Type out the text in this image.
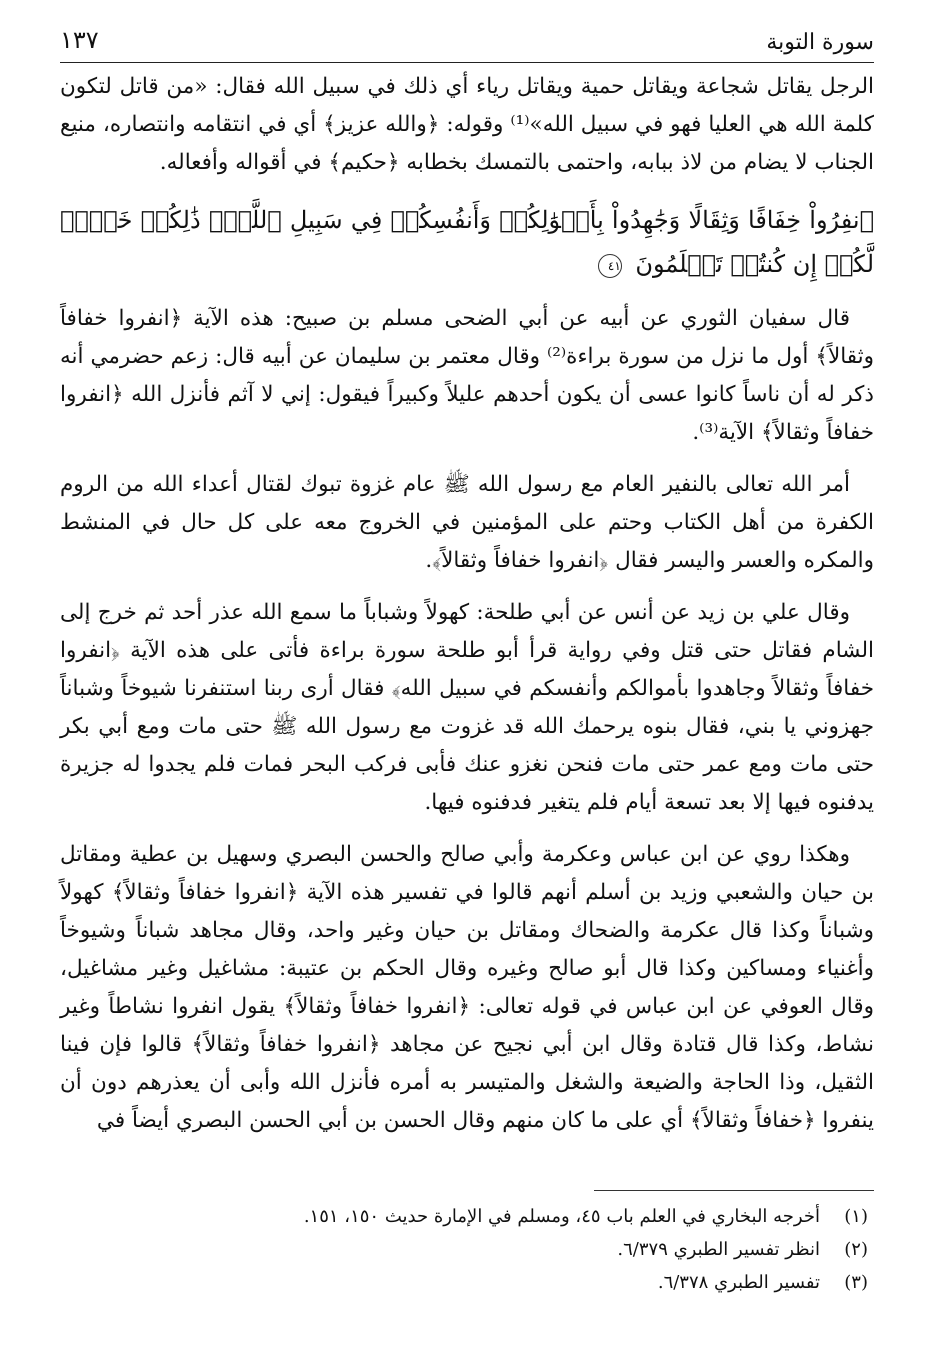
سورة التوبة
١٣٧

الرجل يقاتل شجاعة ويقاتل حمية ويقاتل رياء أي ذلك في سبيل الله فقال: «من قاتل لتكون كلمة الله هي العليا فهو في سبيل الله»⁽¹⁾ وقوله: ﴿والله عزيز﴾ أي في انتقامه وانتصاره، منيع الجناب لا يضام من لاذ ببابه، واحتمى بالتمسك بخطابه ﴿حكيم﴾ في أقواله وأفعاله.

ٱنفِرُواْ خِفَافًا وَثِقَالًا وَجَٰهِدُواْ بِأَمۡوَٰلِكُمۡ وَأَنفُسِكُمۡ فِي سَبِيلِ ٱللَّهِۚ ذَٰلِكُمۡ خَيۡرٞ لَّكُمۡ إِن كُنتُمۡ تَعۡلَمُونَ ٤١

قال سفيان الثوري عن أبيه عن أبي الضحى مسلم بن صبيح: هذه الآية ﴿انفروا خفافاً وثقالاً﴾ أول ما نزل من سورة براءة⁽²⁾ وقال معتمر بن سليمان عن أبيه قال: زعم حضرمي أنه ذكر له أن ناساً كانوا عسى أن يكون أحدهم عليلاً وكبيراً فيقول: إني لا آثم فأنزل الله ﴿انفروا خفافاً وثقالاً﴾ الآية⁽³⁾.

أمر الله تعالى بالنفير العام مع رسول الله ﷺ عام غزوة تبوك لقتال أعداء الله من الروم الكفرة من أهل الكتاب وحتم على المؤمنين في الخروج معه على كل حال في المنشط والمكره والعسر واليسر فقال ﴿انفروا خفافاً وثقالاً﴾.

وقال علي بن زيد عن أنس عن أبي طلحة: كهولاً وشباباً ما سمع الله عذر أحد ثم خرج إلى الشام فقاتل حتى قتل وفي رواية قرأ أبو طلحة سورة براءة فأتى على هذه الآية ﴿انفروا خفافاً وثقالاً وجاهدوا بأموالكم وأنفسكم في سبيل الله﴾ فقال أرى ربنا استنفرنا شيوخاً وشباناً جهزوني يا بني، فقال بنوه يرحمك الله قد غزوت مع رسول الله ﷺ حتى مات ومع أبي بكر حتى مات ومع عمر حتى مات فنحن نغزو عنك فأبى فركب البحر فمات فلم يجدوا له جزيرة يدفنوه فيها إلا بعد تسعة أيام فلم يتغير فدفنوه فيها.

وهكذا روي عن ابن عباس وعكرمة وأبي صالح والحسن البصري وسهيل بن عطية ومقاتل بن حيان والشعبي وزيد بن أسلم أنهم قالوا في تفسير هذه الآية ﴿انفروا خفافاً وثقالاً﴾ كهولاً وشباناً وكذا قال عكرمة والضحاك ومقاتل بن حيان وغير واحد، وقال مجاهد شباناً وشيوخاً وأغنياء ومساكين وكذا قال أبو صالح وغيره وقال الحكم بن عتيبة: مشاغيل وغير مشاغيل، وقال العوفي عن ابن عباس في قوله تعالى: ﴿انفروا خفافاً وثقالاً﴾ يقول انفروا نشاطاً وغير نشاط، وكذا قال قتادة وقال ابن أبي نجيح عن مجاهد ﴿انفروا خفافاً وثقالاً﴾ قالوا فإن فينا الثقيل، وذا الحاجة والضيعة والشغل والمتيسر به أمره فأنزل الله وأبى أن يعذرهم دون أن ينفروا ﴿خفافاً وثقالاً﴾ أي على ما كان منهم وقال الحسن بن أبي الحسن البصري أيضاً في

(١)
أخرجه البخاري في العلم باب ٤٥، ومسلم في الإمارة حديث ١٥٠، ١٥١.
(٢)
انظر تفسير الطبري ٦/٣٧٩.
(٣)
تفسير الطبري ٦/٣٧٨.
